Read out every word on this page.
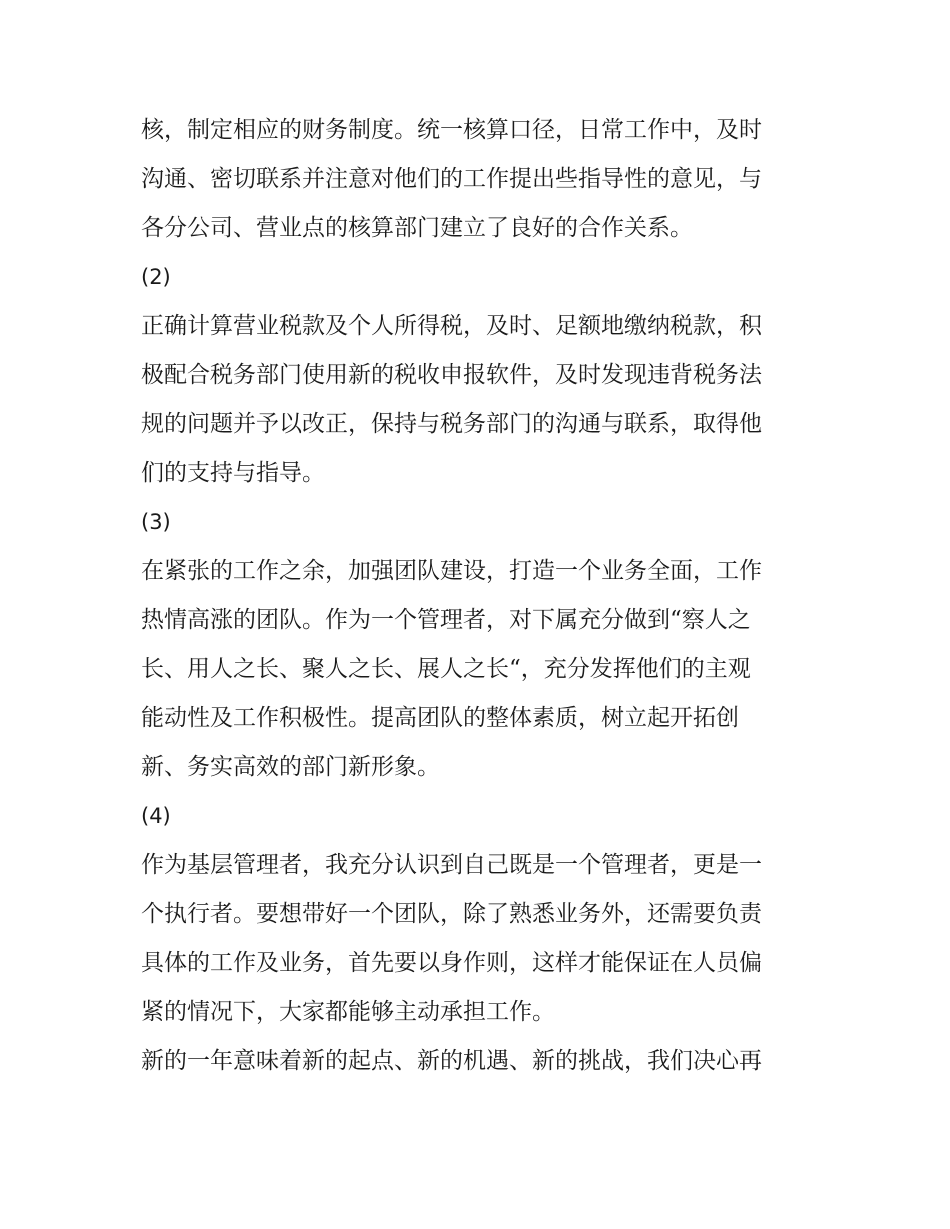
核，制定相应的财务制度。统一核算口径，日常工作中，及时
沟通、密切联系并注意对他们的工作提出些指导性的意见，与
各分公司、营业点的核算部门建立了良好的合作关系。
(2)
正确计算营业税款及个人所得税，及时、足额地缴纳税款，积
极配合税务部门使用新的税收申报软件，及时发现违背税务法
规的问题并予以改正，保持与税务部门的沟通与联系，取得他
们的支持与指导。
(3)
在紧张的工作之余，加强团队建设，打造一个业务全面，工作
热情高涨的团队。作为一个管理者，对下属充分做到“察人之
长、用人之长、聚人之长、展人之长“，充分发挥他们的主观
能动性及工作积极性。提高团队的整体素质，树立起开拓创
新、务实高效的部门新形象。
(4)
作为基层管理者，我充分认识到自己既是一个管理者，更是一
个执行者。要想带好一个团队，除了熟悉业务外，还需要负责
具体的工作及业务，首先要以身作则，这样才能保证在人员偏
紧的情况下，大家都能够主动承担工作。
新的一年意味着新的起点、新的机遇、新的挑战，我们决心再
